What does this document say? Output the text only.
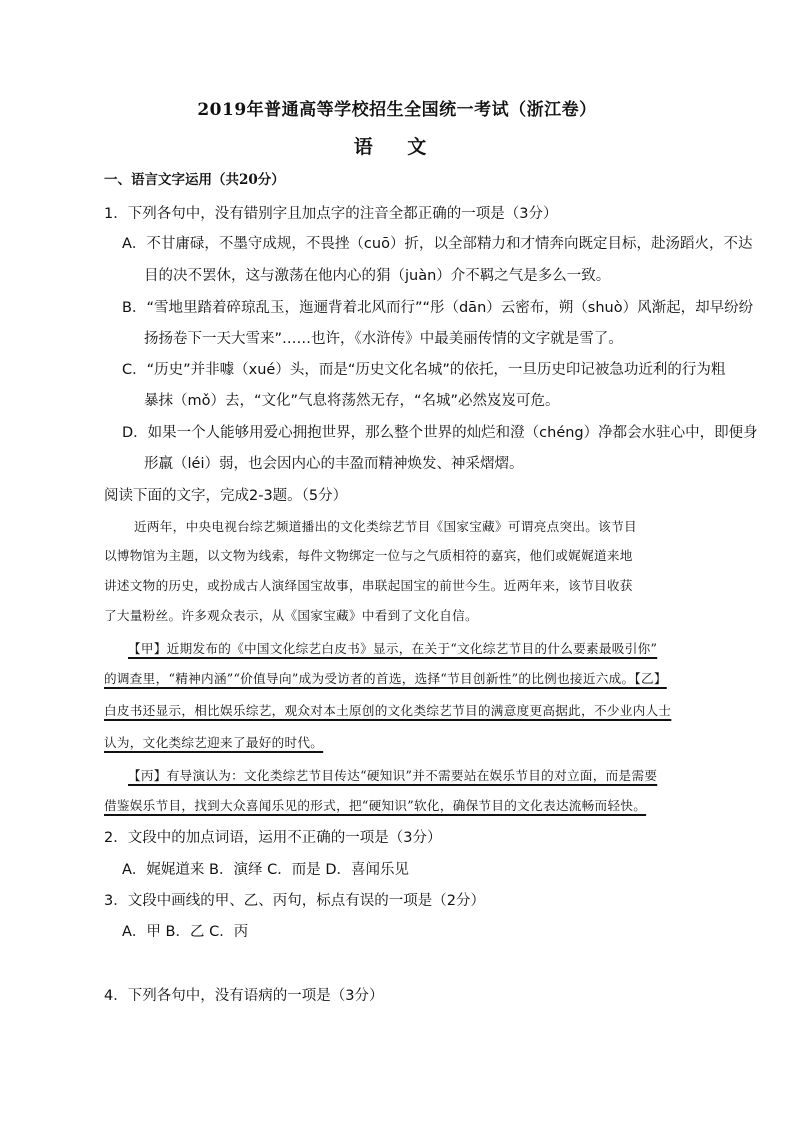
2019年普通高等学校招生全国统一考试（浙江卷）
语 文
一、语言文字运用（共20分）
1．下列各句中，没有错别字且加点字的注音全都正确的一项是（3分）
A．不甘庸碌，不墨守成规，不畏挫（cuō）折，以全部精力和才情奔向既定目标，赴汤蹈火，不达
目的决不罢休，这与激荡在他内心的狷（juàn）介不羁之气是多么一致。
B．“雪地里踏着碎琼乱玉，迤逦背着北风而行”“彤（dān）云密布，朔（shuò）风渐起，却早纷纷
扬扬卷下一天大雪来”……也许，《水浒传》中最美丽传情的文字就是雪了。
C．“历史”并非噱（xué）头，而是“历史文化名城”的依托，一旦历史印记被急功近利的行为粗
暴抹（mǒ）去，“文化”气息将荡然无存，“名城”必然岌岌可危。
D．如果一个人能够用爱心拥抱世界，那么整个世界的灿烂和澄（chéng）净都会水驻心中，即便身
形羸（léi）弱，也会因内心的丰盈而精神焕发、神采熠熠。
阅读下面的文字，完成2-3题。（5分）
近两年，中央电视台综艺频道播出的文化类综艺节目《国家宝藏》可谓亮点突出。该节目
以博物馆为主题，以文物为线索，每件文物绑定一位与之气质相符的嘉宾，他们或娓娓道来地
讲述文物的历史，或扮成古人演绎国宝故事，串联起国宝的前世今生。近两年来，该节目收获
了大量粉丝。许多观众表示，从《国家宝藏》中看到了文化自信。
【甲】近期发布的《中国文化综艺白皮书》显示，在关于“文化综艺节目的什么要素最吸引你”
的调查里，“精神内涵”“价值导向”成为受访者的首选，选择“节目创新性”的比例也接近六成。【乙】
白皮书还显示，相比娱乐综艺，观众对本土原创的文化类综艺节目的满意度更高据此，不少业内人士
认为，文化类综艺迎来了最好的时代。
【丙】有导演认为：文化类综艺节目传达“硬知识”并不需要站在娱乐节目的对立面，而是需要
借鉴娱乐节目，找到大众喜闻乐见的形式，把“硬知识”软化，确保节目的文化表达流畅而轻快。
2．文段中的加点词语，运用不正确的一项是（3分）
A．娓娓道来 B．演绎 C．而是 D．喜闻乐见
3．文段中画线的甲、乙、丙句，标点有误的一项是（2分）
A．甲 B．乙 C．丙
4．下列各句中，没有语病的一项是（3分）
